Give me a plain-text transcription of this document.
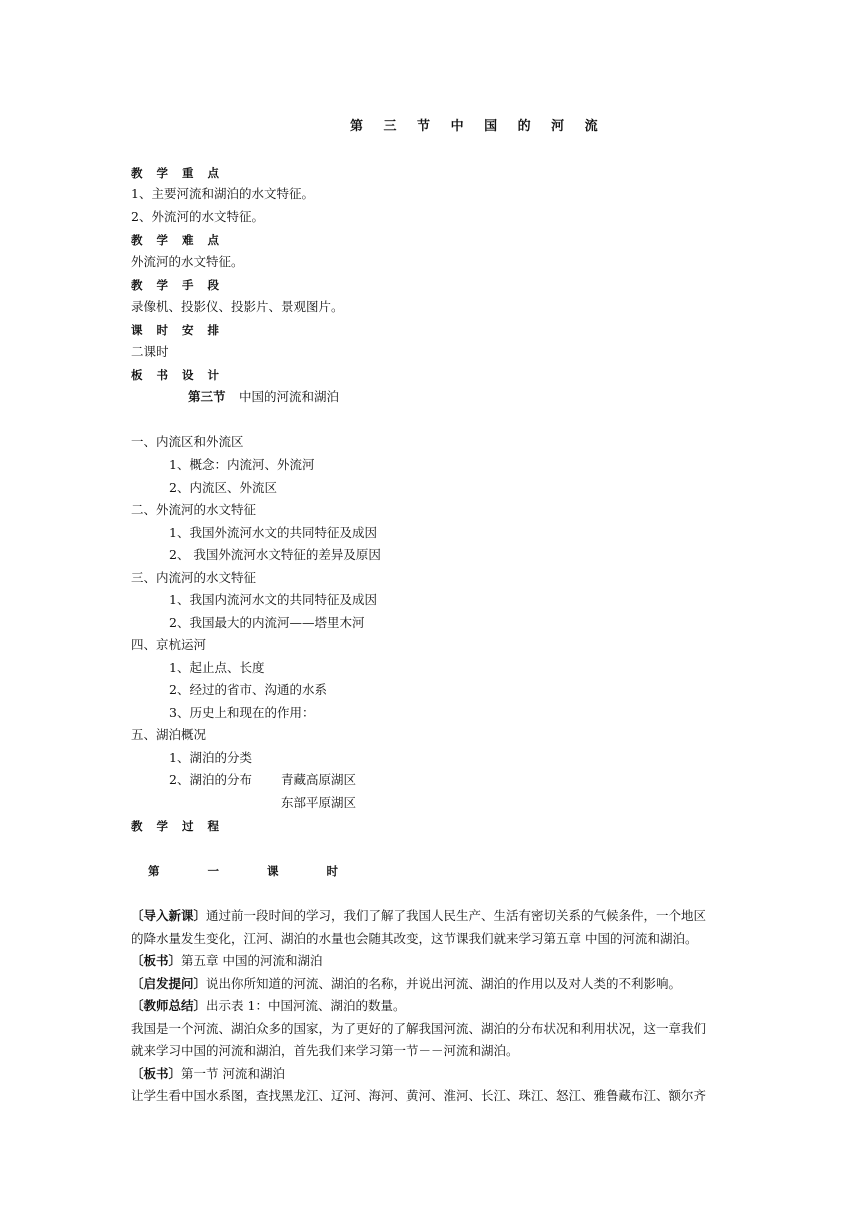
第 三 节 中 国 的 河 流
教 学 重 点
1、主要河流和湖泊的水文特征。
2、外流河的水文特征。
教 学 难 点
外流河的水文特征。
教 学 手 段
录像机、投影仪、投影片、景观图片。
课 时 安 排
二课时
板 书 设 计
第三节 中国的河流和湖泊
一、内流区和外流区
1、概念：内流河、外流河
2、内流区、外流区
二、外流河的水文特征
1、我国外流河水文的共同特征及成因
2、 我国外流河水文特征的差异及原因
三、内流河的水文特征
1、我国内流河水文的共同特征及成因
2、我国最大的内流河——塔里木河
四、京杭运河
1、起止点、长度
2、经过的省市、沟通的水系
3、历史上和现在的作用：
五、湖泊概况
1、湖泊的分类
2、湖泊的分布 青藏高原湖区
东部平原湖区
教 学 过 程
第 一 课 时
〔导入新课〕通过前一段时间的学习，我们了解了我国人民生产、生活有密切关系的气候条件，一个地区
的降水量发生变化，江河、湖泊的水量也会随其改变，这节课我们就来学习第五章 中国的河流和湖泊。
〔板书〕第五章 中国的河流和湖泊
〔启发提问〕说出你所知道的河流、湖泊的名称，并说出河流、湖泊的作用以及对人类的不利影响。
〔教师总结〕出示表 1：中国河流、湖泊的数量。
我国是一个河流、湖泊众多的国家，为了更好的了解我国河流、湖泊的分布状况和利用状况，这一章我们
就来学习中国的河流和湖泊，首先我们来学习第一节－－河流和湖泊。
〔板书〕第一节 河流和湖泊
让学生看中国水系图，查找黑龙江、辽河、海河、黄河、淮河、长江、珠江、怒江、雅鲁藏布江、额尔齐
